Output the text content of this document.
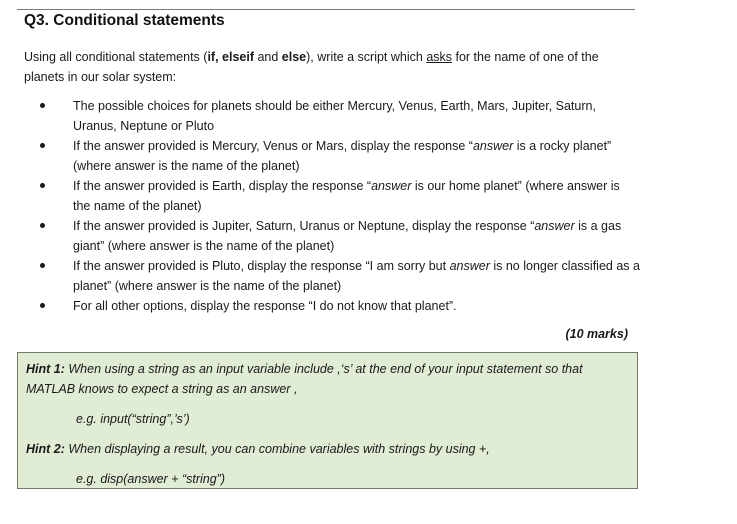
Q3. Conditional statements
Using all conditional statements (if, elseif and else), write a script which asks for the name of one of the planets in our solar system:
The possible choices for planets should be either Mercury, Venus, Earth, Mars, Jupiter, Saturn, Uranus, Neptune or Pluto
If the answer provided is Mercury, Venus or Mars, display the response “answer is a rocky planet” (where answer is the name of the planet)
If the answer provided is Earth, display the response “answer is our home planet” (where answer is the name of the planet)
If the answer provided is Jupiter, Saturn, Uranus or Neptune, display the response “answer is a gas giant” (where answer is the name of the planet)
If the answer provided is Pluto, display the response “I am sorry but answer is no longer classified as a planet” (where answer is the name of the planet)
For all other options, display the response “I do not know that planet”.
(10 marks)
Hint 1: When using a string as an input variable include ,‘s’ at the end of your input statement so that MATLAB knows to expect a string as an answer ,
e.g. input(“string”,’s’)
Hint 2: When displaying a result, you can combine variables with strings by using +,
e.g. disp(answer + “string”)
